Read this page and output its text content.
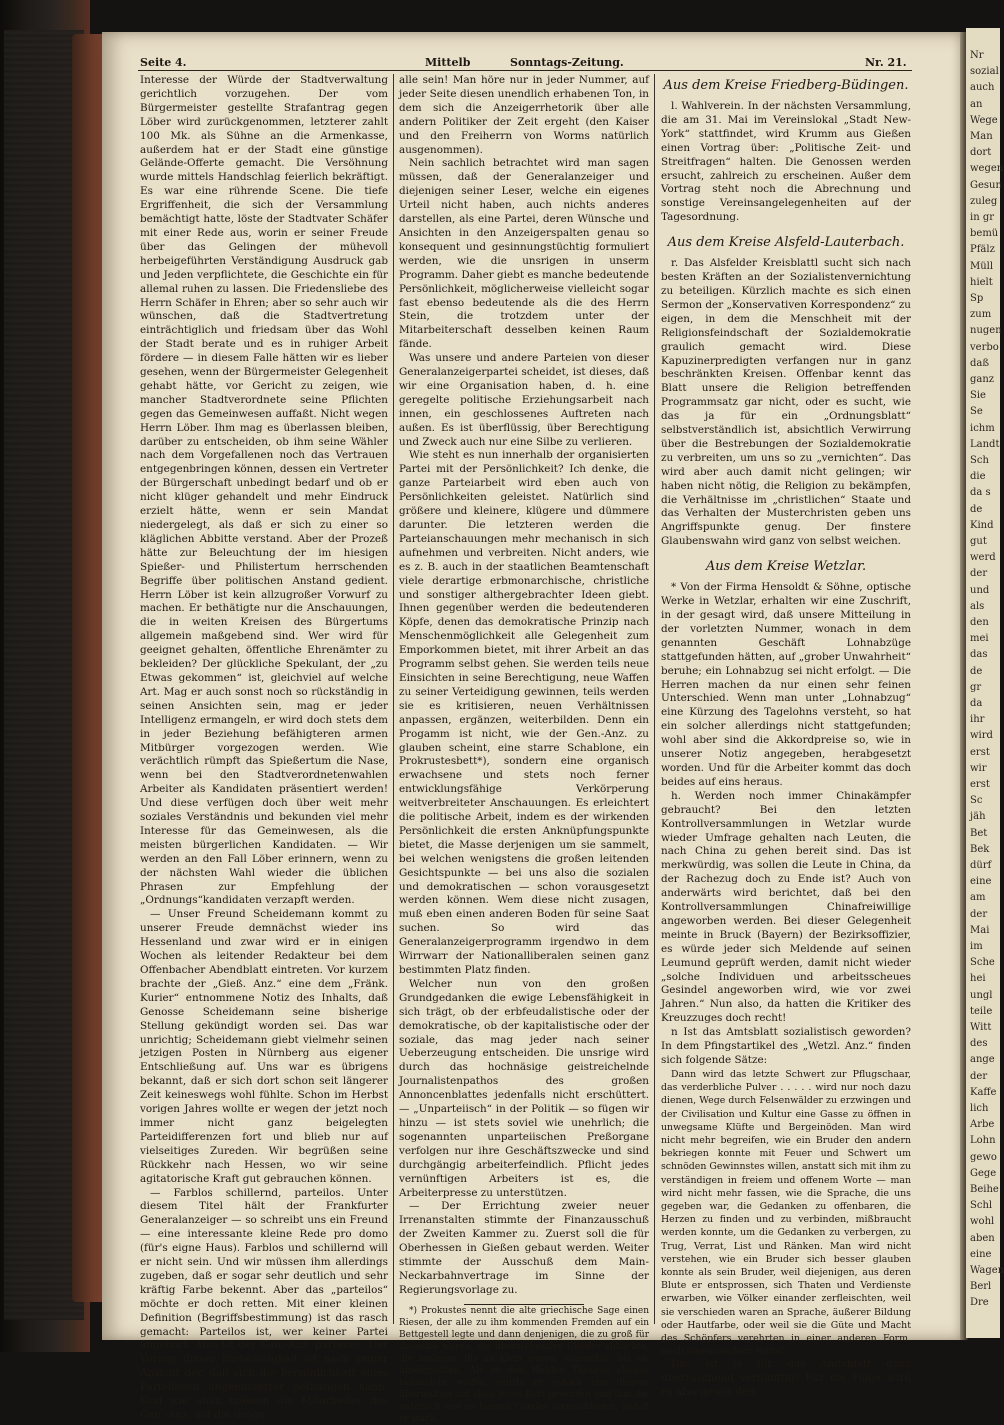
Nr
sozial
auch
an
Wege
Man
dort
wegen
Gesun
zuleg
in gr
bemü
Pfälz
Müll
hielt
Sp
zum
nugen
verbo
daß
ganz
Sie
Se
ichm
Landt
Sch
die
da s
de
Kind
gut
werd
der
und
als
den
mei
das
de
gr
da
ihr
wird
erst
wir
erst
Sc
jäh
Bet
Bek
dürf
eine
am
der
Mai
im
Sche
hei
ungl
teile
Witt
des
ange
der
Kaffe
lich
Arbe
Lohn
gewo
Gege
Beihe
Schl
wohl
aben
eine
Wagen
Berl
Dre
Seite 4.	Mittelb	Sonntags-Zeitung.	Nr. 21.

Interesse der Würde der Stadtverwaltung gerichtlich vorzugehen. Der vom Bürgermeister gestellte Strafantrag gegen Löber wird zurückgenommen, letzterer zahlt 100 Mk. als Sühne an die Armenkasse, außerdem hat er der Stadt eine günstige Gelände-Offerte gemacht. Die Versöhnung wurde mittels Handschlag feierlich bekräftigt. Es war eine rührende Scene. Die tiefe Ergriffenheit, die sich der Versammlung bemächtigt hatte, löste der Stadtvater Schäfer mit einer Rede aus, worin er seiner Freude über das Gelingen der mühevoll herbeigeführten Verständigung Ausdruck gab und Jeden verpflichtete, die Geschichte ein für allemal ruhen zu lassen. Die Friedensliebe des Herrn Schäfer in Ehren; aber so sehr auch wir wünschen, daß die Stadtvertretung einträchtiglich und friedsam über das Wohl der Stadt berate und es in ruhiger Arbeit fördere — in diesem Falle hätten wir es lieber gesehen, wenn der Bürgermeister Gelegenheit gehabt hätte, vor Gericht zu zeigen, wie mancher Stadtverordnete seine Pflichten gegen das Gemeinwesen auffaßt. Nicht wegen Herrn Löber. Ihm mag es überlassen bleiben, darüber zu entscheiden, ob ihm seine Wähler nach dem Vorgefallenen noch das Vertrauen entgegenbringen können, dessen ein Vertreter der Bürgerschaft unbedingt bedarf und ob er nicht klüger gehandelt und mehr Eindruck erzielt hätte, wenn er sein Mandat niedergelegt, als daß er sich zu einer so kläglichen Abbitte verstand. Aber der Prozeß hätte zur Beleuchtung der im hiesigen Spießer- und Philistertum herrschenden Begriffe über politischen Anstand gedient. Herrn Löber ist kein allzugroßer Vorwurf zu machen. Er bethätigte nur die Anschauungen, die in weiten Kreisen des Bürgertums allgemein maßgebend sind. Wer wird für geeignet gehalten, öffentliche Ehrenämter zu bekleiden? Der glückliche Spekulant, der „zu Etwas gekommen“ ist, gleichviel auf welche Art. Mag er auch sonst noch so rückständig in seinen Ansichten sein, mag er jeder Intelligenz ermangeln, er wird doch stets dem in jeder Beziehung befähigteren armen Mitbürger vorgezogen werden. Wie verächtlich rümpft das Spießertum die Nase, wenn bei den Stadtverordnetenwahlen Arbeiter als Kandidaten präsentiert werden! Und diese verfügen doch über weit mehr soziales Verständnis und bekunden viel mehr Interesse für das Gemeinwesen, als die meisten bürgerlichen Kandidaten. — Wir werden an den Fall Löber erinnern, wenn zu der nächsten Wahl wieder die üblichen Phrasen zur Empfehlung der „Ordnungs“kandidaten verzapft werden.

— Unser Freund Scheidemann kommt zu unserer Freude demnächst wieder ins Hessenland und zwar wird er in einigen Wochen als leitender Redakteur bei dem Offenbacher Abendblatt eintreten. Vor kurzem brachte der „Gieß. Anz.“ eine dem „Fränk. Kurier“ entnommene Notiz des Inhalts, daß Genosse Scheidemann seine bisherige Stellung gekündigt worden sei. Das war unrichtig; Scheidemann giebt vielmehr seinen jetzigen Posten in Nürnberg aus eigener Entschließung auf. Uns war es übrigens bekannt, daß er sich dort schon seit längerer Zeit keineswegs wohl fühlte. Schon im Herbst vorigen Jahres wollte er wegen der jetzt noch immer nicht ganz beigelegten Parteidifferenzen fort und blieb nur auf vielseitiges Zureden. Wir begrüßen seine Rückkehr nach Hessen, wo wir seine agitatorische Kraft gut gebrauchen können.

— Farblos schillernd, parteilos. Unter diesem Titel hält der Frankfurter Generalanzeiger — so schreibt uns ein Freund — eine interessante kleine Rede pro domo (für's eigne Haus). Farblos und schillernd will er nicht sein. Und wir müssen ihm allerdings zugeben, daß er sogar sehr deutlich und sehr kräftig Farbe bekennt. Aber das „parteilos“ möchte er doch retten. Mit einer kleinen Definition (Begriffsbestimmung) ist das rasch gemacht: Parteilos ist, wer keiner Partei angehört. Also ist der Gen.-Anz. parteilos. Der Vorzug dieser Parteilosigkeit ist nach seiner Ansicht der, daß sich die Persönlichkeit eines Parteilosen ungehinderter bethätigen kann. Und wie stolz müssen die Mitarbeiter des Gen.-Anz. auf die ihrige

alle sein! Man höre nur in jeder Nummer, auf jeder Seite diesen unendlich erhabenen Ton, in dem sich die Anzeigerrhetorik über alle andern Politiker der Zeit ergeht (den Kaiser und den Freiherrn von Worms natürlich ausgenommen).

Nein sachlich betrachtet wird man sagen müssen, daß der Generalanzeiger und diejenigen seiner Leser, welche ein eigenes Urteil nicht haben, auch nichts anderes darstellen, als eine Partei, deren Wünsche und Ansichten in den Anzeigerspalten genau so konsequent und gesinnungstüchtig formuliert werden, wie die unsrigen in unserm Programm. Daher giebt es manche bedeutende Persönlichkeit, möglicherweise vielleicht sogar fast ebenso bedeutende als die des Herrn Stein, die trotzdem unter der Mitarbeiterschaft desselben keinen Raum fände.

Was unsere und andere Parteien von dieser Generalanzeigerpartei scheidet, ist dieses, daß wir eine Organisation haben, d. h. eine geregelte politische Erziehungsarbeit nach innen, ein geschlossenes Auftreten nach außen. Es ist überflüssig, über Berechtigung und Zweck auch nur eine Silbe zu verlieren.

Wie steht es nun innerhalb der organisierten Partei mit der Persönlichkeit? Ich denke, die ganze Parteiarbeit wird eben auch von Persönlichkeiten geleistet. Natürlich sind größere und kleinere, klügere und dümmere darunter. Die letzteren werden die Parteianschauungen mehr mechanisch in sich aufnehmen und verbreiten. Nicht anders, wie es z. B. auch in der staatlichen Beamtenschaft viele derartige erbmonarchische, christliche und sonstiger althergebrachter Ideen giebt. Ihnen gegenüber werden die bedeutenderen Köpfe, denen das demokratische Prinzip nach Menschenmöglichkeit alle Gelegenheit zum Emporkommen bietet, mit ihrer Arbeit an das Programm selbst gehen. Sie werden teils neue Einsichten in seine Berechtigung, neue Waffen zu seiner Verteidigung gewinnen, teils werden sie es kritisieren, neuen Verhältnissen anpassen, ergänzen, weiterbilden. Denn ein Progamm ist nicht, wie der Gen.-Anz. zu glauben scheint, eine starre Schablone, ein Prokrustesbett*), sondern eine organisch erwachsene und stets noch ferner entwicklungsfähige Verkörperung weitverbreiteter Anschauungen. Es erleichtert die politische Arbeit, indem es der wirkenden Persönlichkeit die ersten Anknüpfungspunkte bietet, die Masse derjenigen um sie sammelt, bei welchen wenigstens die großen leitenden Gesichtspunkte — bei uns also die sozialen und demokratischen — schon vorausgesetzt werden können. Wem diese nicht zusagen, muß eben einen anderen Boden für seine Saat suchen. So wird das Generalanzeigerprogramm irgendwo in dem Wirrwarr der Nationalliberalen seinen ganz bestimmten Platz finden.

Welcher nun von den großen Grundgedanken die ewige Lebensfähigkeit in sich trägt, ob der erbfeudalistische oder der demokratische, ob der kapitalistische oder der soziale, das mag jeder nach seiner Ueberzeugung entscheiden. Die unsrige wird durch das hochnäsige geistreichelnde Journalistenpathos des großen Annoncenblattes jedenfalls nicht erschüttert. — „Unparteiisch“ in der Politik — so fügen wir hinzu — ist stets soviel wie unehrlich; die sogenannten unparteiischen Preßorgane verfolgen nur ihre Geschäftszwecke und sind durchgängig arbeiterfeindlich. Pflicht jedes vernünftigen Arbeiters ist es, die Arbeiterpresse zu unterstützen.

— Der Errichtung zweier neuer Irrenanstalten stimmte der Finanzausschuß der Zweiten Kammer zu. Zuerst soll die für Oberhessen in Gießen gebaut werden. Weiter stimmte der Ausschuß dem Main-Neckarbahnvertrage im Sinne der Regierungsvorlage zu.

*) Prokustes nennt die alte griechische Sage einen Riesen, der alle zu ihm kommenden Fremden auf ein Bettgestell legte und dann denjenigen, die zu groß für dasselbe waren, die überstehenden Glieder abhackte, die anderen, die zu klein waren, ausreckte, bis sie hineinpaßten. Als er den Helden Theseus ebenso behandeln wollte, wurde er jedoch von diesem überwältigt auf eben jenes Bett geworfen und ihm die natürlich viel zu langen Glieder abgeschlagen, sodaß er starb.

Aus dem Kreise Friedberg-Büdingen.

l. Wahlverein. In der nächsten Versammlung, die am 31. Mai im Vereinslokal „Stadt New-York“ stattfindet, wird Krumm aus Gießen einen Vortrag über: „Politische Zeit- und Streitfragen“ halten. Die Genossen werden ersucht, zahlreich zu erscheinen. Außer dem Vortrag steht noch die Abrechnung und sonstige Vereinsangelegenheiten auf der Tagesordnung.

Aus dem Kreise Alsfeld-Lauterbach.

r. Das Alsfelder Kreisblattl sucht sich nach besten Kräften an der Sozialistenvernichtung zu beteiligen. Kürzlich machte es sich einen Sermon der „Konservativen Korrespondenz“ zu eigen, in dem die Menschheit mit der Religionsfeindschaft der Sozialdemokratie graulich gemacht wird. Diese Kapuzinerpredigten verfangen nur in ganz beschränkten Kreisen. Offenbar kennt das Blatt unsere die Religion betreffenden Programmsatz gar nicht, oder es sucht, wie das ja für ein „Ordnungsblatt“ selbstverständlich ist, absichtlich Verwirrung über die Bestrebungen der Sozialdemokratie zu verbreiten, um uns so zu „vernichten“. Das wird aber auch damit nicht gelingen; wir haben nicht nötig, die Religion zu bekämpfen, die Verhältnisse im „christlichen“ Staate und das Verhalten der Musterchristen geben uns Angriffspunkte genug. Der finstere Glaubenswahn wird ganz von selbst weichen.

Aus dem Kreise Wetzlar.

* Von der Firma Hensoldt & Söhne, optische Werke in Wetzlar, erhalten wir eine Zuschrift, in der gesagt wird, daß unsere Mitteilung in der vorletzten Nummer, wonach in dem genannten Geschäft Lohnabzüge stattgefunden hätten, auf „grober Unwahrheit“ beruhe; ein Lohnabzug sei nicht erfolgt. — Die Herren machen da nur einen sehr feinen Unterschied. Wenn man unter „Lohnabzug“ eine Kürzung des Tagelohns versteht, so hat ein solcher allerdings nicht stattgefunden; wohl aber sind die Akkordpreise so, wie in unserer Notiz angegeben, herabgesetzt worden. Und für die Arbeiter kommt das doch beides auf eins heraus.

h. Werden noch immer Chinakämpfer gebraucht? Bei den letzten Kontrollversammlungen in Wetzlar wurde wieder Umfrage gehalten nach Leuten, die nach China zu gehen bereit sind. Das ist merkwürdig, was sollen die Leute in China, da der Rachezug doch zu Ende ist? Auch von anderwärts wird berichtet, daß bei den Kontrollversammlungen Chinafreiwillige angeworben werden. Bei dieser Gelegenheit meinte in Bruck (Bayern) der Bezirksoffizier, es würde jeder sich Meldende auf seinen Leumund geprüft werden, damit nicht wieder „solche Individuen und arbeitsscheues Gesindel angeworben wird, wie vor zwei Jahren.“ Nun also, da hatten die Kritiker des Kreuzzuges doch recht!

n Ist das Amtsblatt sozialistisch geworden? In dem Pfingstartikel des „Wetzl. Anz.“ finden sich folgende Sätze:

Dann wird das letzte Schwert zur Pflugschaar, das verderbliche Pulver . . . . . wird nur noch dazu dienen, Wege durch Felsenwälder zu erzwingen und der Civilisation und Kultur eine Gasse zu öffnen in unwegsame Klüfte und Bergeinöden. Man wird nicht mehr begreifen, wie ein Bruder den andern bekriegen konnte mit Feuer und Schwert um schnöden Gewinnstes willen, anstatt sich mit ihm zu verständigen in freiem und offenem Worte — man wird nicht mehr fassen, wie die Sprache, die uns gegeben war, die Gedanken zu offenbaren, die Herzen zu finden und zu verbinden, mißbraucht werden konnte, um die Gedanken zu verbergen, zu Trug, Verrat, List und Ränken. Man wird nicht verstehen, wie ein Bruder sich besser glauben konnte als sein Bruder, weil diejenigen, aus deren Blute er entsprossen, sich Thaten und Verdienste erwarben, wie Völker einander zerfleischten, weil sie verschieden waren an Sprache, äußerer Bildung oder Hautfarbe, oder weil sie die Güte und Macht des Schöpfers verehrten in einer anderen Form, nach einem andern Ritus!

Das ist ja für das Amtsblatt ganz überraschend vernünftig! Für die Folge wird es also gewiß den
